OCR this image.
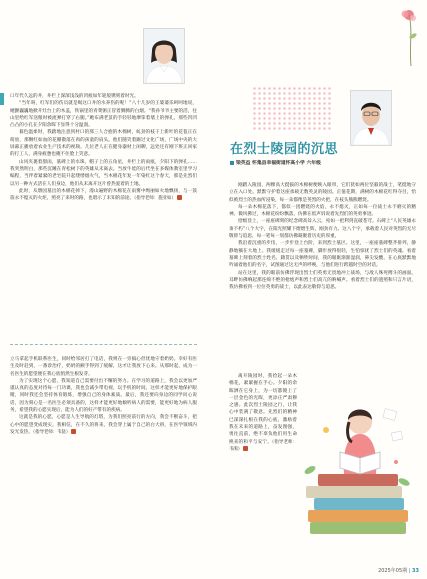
口年代久远的井，井栏上深深浅浅的凹痕如年轮般镌刻着时光。

“当年呀，红军们的伤员就是喝这口井的水养伤的呢！”八十几岁的王婆婆乐呵呵地说，她颤巍巍地掀开灶台上的木盖，铁锅里的青菜粥正冒着腾腾的白烟。“我孙爷爷主要的活，往山里给红军送粮时被流弹打穿了右腿。”她布满老茧的手轻轻地摩挲着墙上的弹孔，那些凹凹凸凸的小孔在夕阳余晖下显得十分温润。

暮色温柔时，我踏地注意到村口的那三人合抱的木棉树，虬劲的枝干上新叶的花苞正在萌放，那颗红如血的花瓣散落在肉的孩童的肩头。他们随笑着踢过文化广场，广场中央的大屏幕正播放着农业生产技术的视频。几位老人正在健身器材上闲聊，远处还有刚下班正回家的打工人，满身疲惫也掩不住脸上笑意。

山风夹裹着甜雨，墓碑上的水珠，帽子上的五角星，井栏上的雨痕，夕阳下的弹孔……我突然明白，那些沉睡在青松树下的英雄从未离去。当放牛娃的后代坐在多媒体教室里学习编程，当伴着紧紧的老宅院升起缕缕烟火气，当木棉花年复一年染红这个春天，那是先烈们以另一种方式活在人们身边，他们从未离开这片曾热爱着的土地。

此时，从墩园墓出的木棉花掉下，漫山遍野的木棉花在雨雾中绚丽如火地飘扬，与一簇簇永不熄灭的火炬，照亮了来时的路，也昭示了未知的前途。（指导老师：施亚如）	点

立马拿起手机联系医生，同时给邻居打了电话，我则在一旁搞心但忧地守着奶奶。幸好有医生及时赶到，一番诊治疗，奶奶的额手得到了缓解，这才让我放下心来。从那时起，成为一名医生的愿望便在我心底悄然生根发芽。

为了实现这个心愿，我知道自己需要付出不懈的努力。在学习的道路上，我会以更加严谨认真的态度对待每一门功课，我也会减少带电视、玩手机的时间，这样才能更好地保护眼睛，同时我还会坚持体育锻炼，增强自己的身体素质。最后，我还要向身边的同学问心说话，因为刻心是一名医生必须具备的，这样才能更好地倾听病人的需要，能更好地为病人服务，希望我的心愿实现后，能为人们的好产带有的疾病。

这就是我的心愿，心愿是人生导航的灯塔，为我们照亮前行的方向，我会不断奋斗，把心中的愿望变成现实。我相信，在不久的将来，我会穿上属于自己的白大褂，在医学领域内发光发热。（指导老师：韦骁）	点

在烈士陵园的沉思
梁英益 怀集县幸福街道怀高小学 六年级

刚踏入陵园，两棵高大挺拔的木棉树便映入眼帘，它们犹如两位坚毅的战士，笔挺地守立在入口处。默默守护着这座承载无数英灵的陵园。正值花期，满树的木棉花红得夺目，恰似被烈士的热血所浸染，每一朵都像是英烈的火把，在枝头熊熊燃烧。

每一朵木棉花落下，都似一团燃烧的火焰，永不熄灭，正如每一位战士永不磨灭的精神。微风拂过，木棉花纷纷飘落，仿佛在低声诉说着先烈们的英勇事迹。

拾级登上，一座座碑刻的纪念碑高耸入云，宛如一把利剑直破苍穹。石碑上“人民英雄永垂不朽”八个大字，在阳光照耀下熠熠生辉，刚劲有力。这八个字，承载着人民对英烈的无尽敬仰与追思，每一笔每一划都仿佛凝聚着历史的厚重。

我沿着沉重的步伐，一步步登上台阶，来到烈士墓区。这里，一座座墓碑整齐排列，静静地躺在大地上。我缓缓走过每一座墓碑，脚步放得很轻，生怕惊扰了烈士们的英魂。看着墓碑上刻着的烈士姓名、籍贯以及牺牲时间，我的眼眶渐渐湿润，鼻尖发酸。在心底默默地吟诵着他们的名字，试图通过这无声的呼唤，与他们进行跨越时空的对话。

站在这里，我的眼前仿佛浮现出烈士们英勇无畏地冲上战场，与敌人殊死搏斗的画面。耳畔仿佛响起那连绵不绝的枪炮声和烈士们高亢的呐喊声。看着烈士们的遗照和只言片语，我仿佛看到一位位英勇的战士，以此表达敬仰与追思。

离开陵园时，我捡起一朵木棉花，紧紧握在手心。夕阳的余晖洒在它身上，为一切都镀上了一层金色的光晖，更添庄严肃穆之感。此次烈士陵园之行，让我心中装满了敬意。先烈们的精神已深深扎根在我的心底，激励着我在未来的道路上，奋发图强，勇往直前，绝不辜负他们用生命换来的和平与安宁。（指导老师：韦鹃）	点

2025年05期 | 33
